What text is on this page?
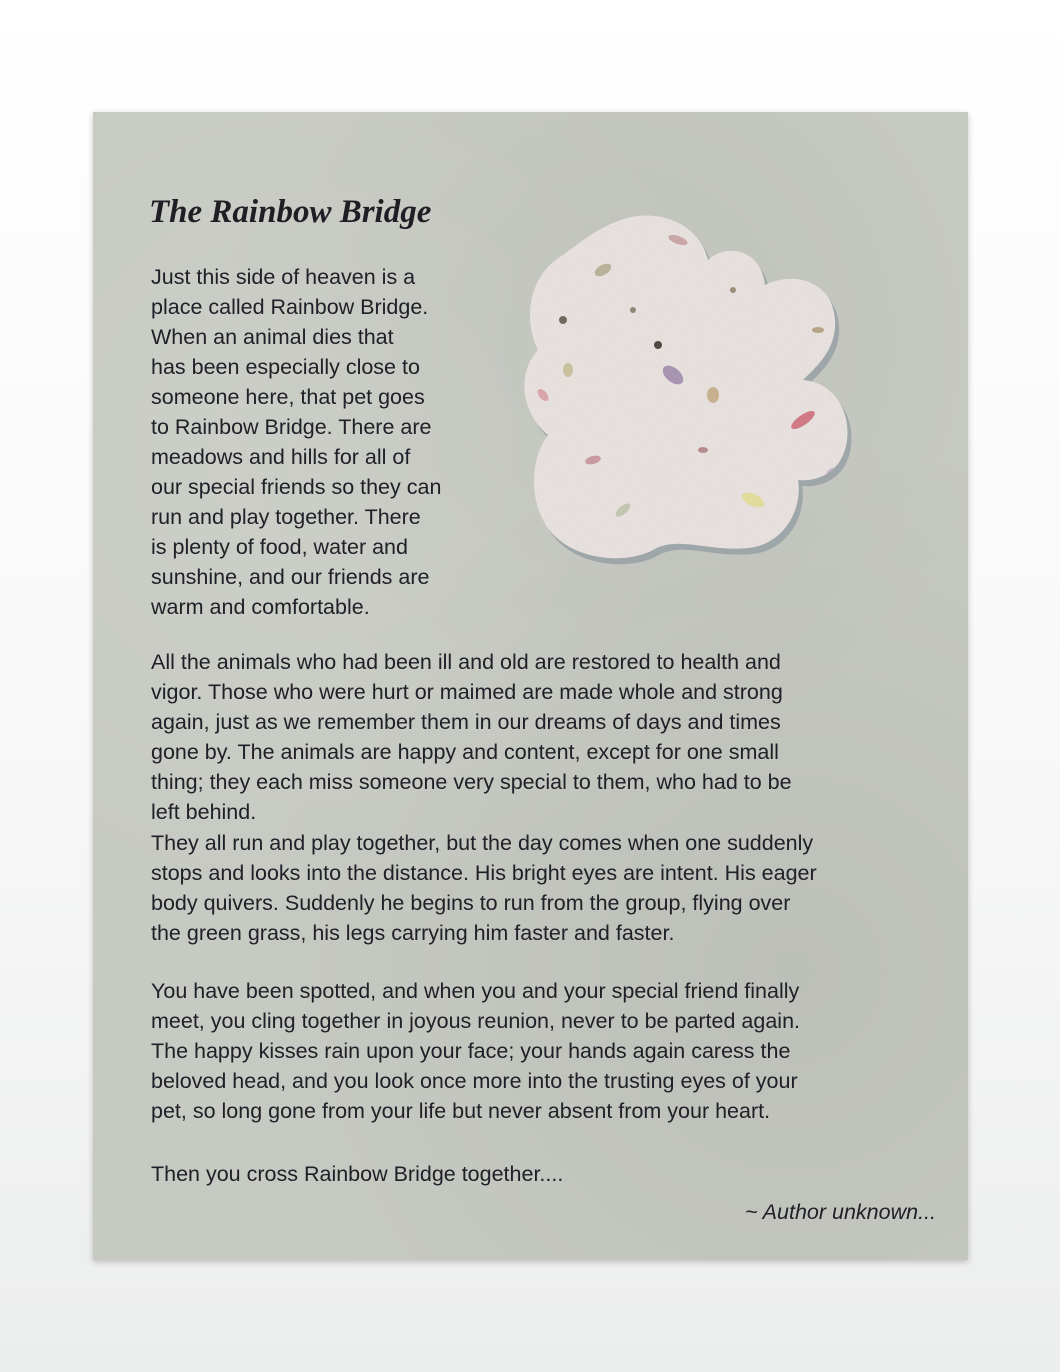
The Rainbow Bridge

Just this side of heaven is a
place called Rainbow Bridge.
When an animal dies that
has been especially close to
someone here, that pet goes
to Rainbow Bridge. There are
meadows and hills for all of
our special friends so they can
run and play together. There
is plenty of food, water and
sunshine, and our friends are
warm and comfortable.

All the animals who had been ill and old are restored to health and
vigor. Those who were hurt or maimed are made whole and strong
again, just as we remember them in our dreams of days and times
gone by. The animals are happy and content, except for one small
thing; they each miss someone very special to them, who had to be
left behind.

They all run and play together, but the day comes when one suddenly
stops and looks into the distance. His bright eyes are intent. His eager
body quivers. Suddenly he begins to run from the group, flying over
the green grass, his legs carrying him faster and faster.

You have been spotted, and when you and your special friend finally
meet, you cling together in joyous reunion, never to be parted again.
The happy kisses rain upon your face; your hands again caress the
beloved head, and you look once more into the trusting eyes of your
pet, so long gone from your life but never absent from your heart.

Then you cross Rainbow Bridge together....

~ Author unknown...
